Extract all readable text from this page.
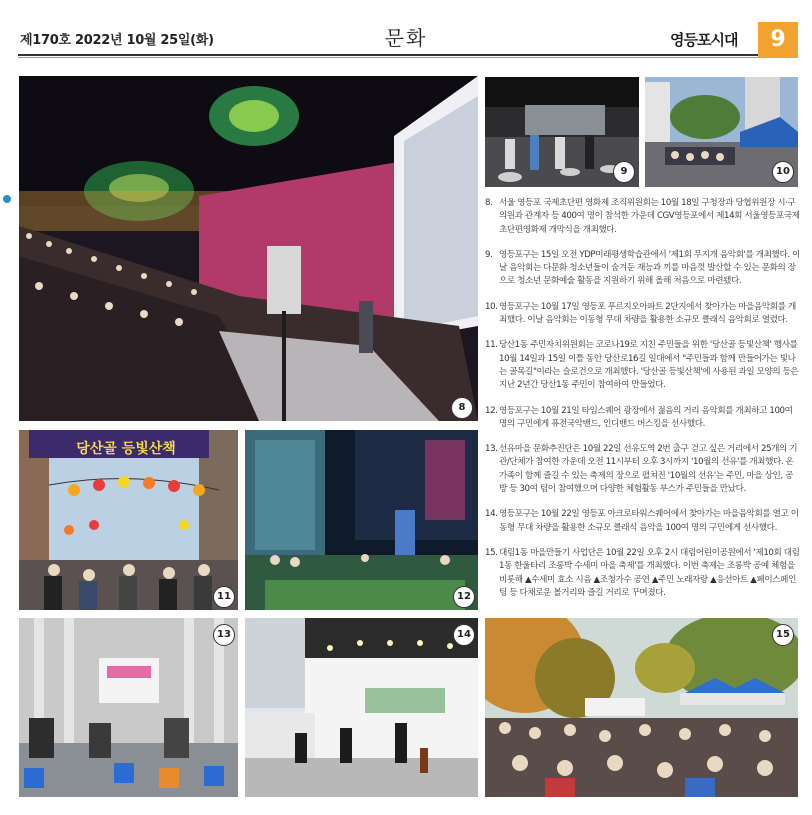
제170호 2022년 10월 25일(화)	문화	영등포시대	9
8
9	10
당산골 등빛산책
11	12
13	14	15
8. 서울 영등포 국제초단편 영화제 조직위원회는 10월 18일 구청장과 당협위원장 시·구의원과 관계자 등 400여 명이 참석한 가운데 CGV영등포에서 제14회 서울영등포국제초단편영화제 개막식을 개최했다.
9. 영등포구는 15일 오전 YDP미래평생학습관에서 '제1회 무지개 음악회'를 개최했다. 이날 음악회는 다문화 청소년들이 숨겨둔 재능과 끼를 마음껏 발산할 수 있는 문화의 장으로 청소년 문화예술 활동을 지원하기 위해 올해 처음으로 마련됐다.
10. 영등포구는 10월 17일 영등포 푸르지오아파트 2단지에서 찾아가는 마을음악회를 개최했다. 이날 음악회는 이동형 무대 차량을 활용한 소규모 클래식 음악회로 열렸다.
11. 당산1동 주민자치위원회는 코로나19로 지친 주민들을 위한 '당산골 등빛산책' 행사를 10월 14일과 15일 이틀 동안 당산로16길 일대에서 "주민들과 함께 만들어가는 빛나는 골목길"이라는 슬로건으로 개최했다. '당산골 등빛산책'에 사용된 과일 모양의 등은 지난 2년간 당산1동 주민이 참여하여 만들었다.
12. 영등포구는 10월 21일 타임스퀘어 광장에서 젊음의 거리 음악회를 개최하고 100여 명의 구민에게 퓨전국악밴드, 인디밴드 버스킹을 선사했다.
13. 선유마을 문화추진단은 10월 22일 선유도역 2번 출구 걷고 싶은 거리에서 25개의 기관/단체가 참여한 가운데 오전 11시부터 오후 3시까지 '10월의 선유'를 개최했다. 온 가족이 함께 즐길 수 있는 축제의 장으로 펼쳐진 '10월의 선유'는 주민, 마을 상인, 공방 등 30여 팀이 참여했으며 다양한 체험활동 부스가 주민들을 만났다.
14. 영등포구는 10월 22일 영등포 아크로타워스퀘어에서 찾아가는 마을음악회를 열고 이동형 무대 차량을 활용한 소규모 클래식 음악을 100여 명의 구민에게 선사했다.
15. 대림1동 마을만들기 사업단은 10월 22일 오후 2시 대림어린이공원에서 '제10회 대림1동 한울타리 조롱박 수세미 마을 축제'를 개최했다. 이번 축제는 조롱박 공예 체험을 비롯해 ▲수세미 효소 시음 ▲조청가수 공연 ▲주민 노래자랑 ▲응선아트 ▲페이스페인팅 등 다채로운 볼거리와 즐길 거리로 꾸며졌다.
